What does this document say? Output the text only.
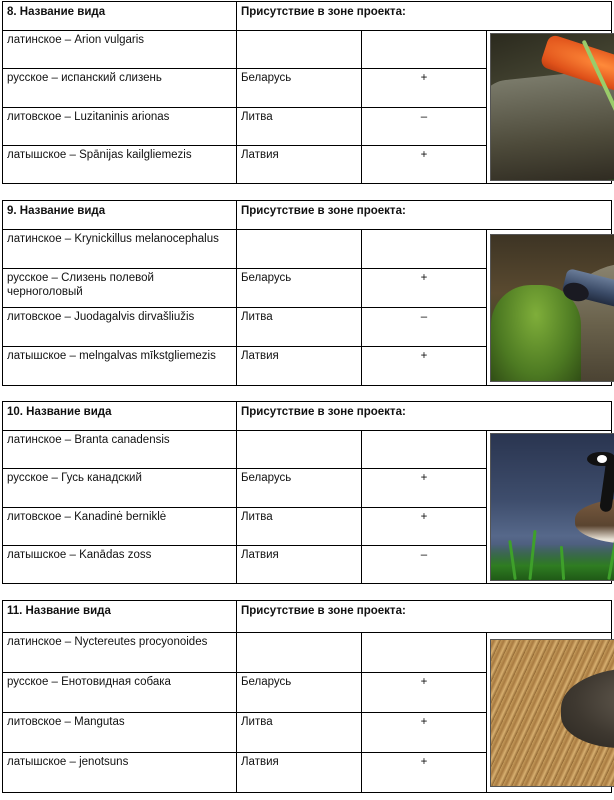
8. Название вида	Присутствие в зоне проекта:		
латинское – Arion vulgaris			

русское – испанский слизень	Беларусь	+	
литовское – Luzitaninis arionas	Литва	–	
латышское – Spānijas kailgliemezis	Латвия	+	
9. Название вида	Присутствие в зоне проекта:		
латинское – Krynickillus melanocephalus			

русское – Слизень полевой черноголовый	Беларусь	+	
литовское – Juodagalvis dirvašliužis	Литва	–	
латышское – melngalvas mīkstgliemezis	Латвия	+	
10. Название вида	Присутствие в зоне проекта:		
латинское – Branta canadensis			

русское – Гусь канадский	Беларусь	+	
литовское – Kanadinė berniklė	Литва	+	
латышское – Kanādas zoss	Латвия	–	
11. Название вида	Присутствие в зоне проекта:		
латинское – Nyctereutes procyonoides			

русское – Енотовидная собака	Беларусь	+	
литовское – Mangutas	Литва	+	
латышское – jenotsuns	Латвия	+	
